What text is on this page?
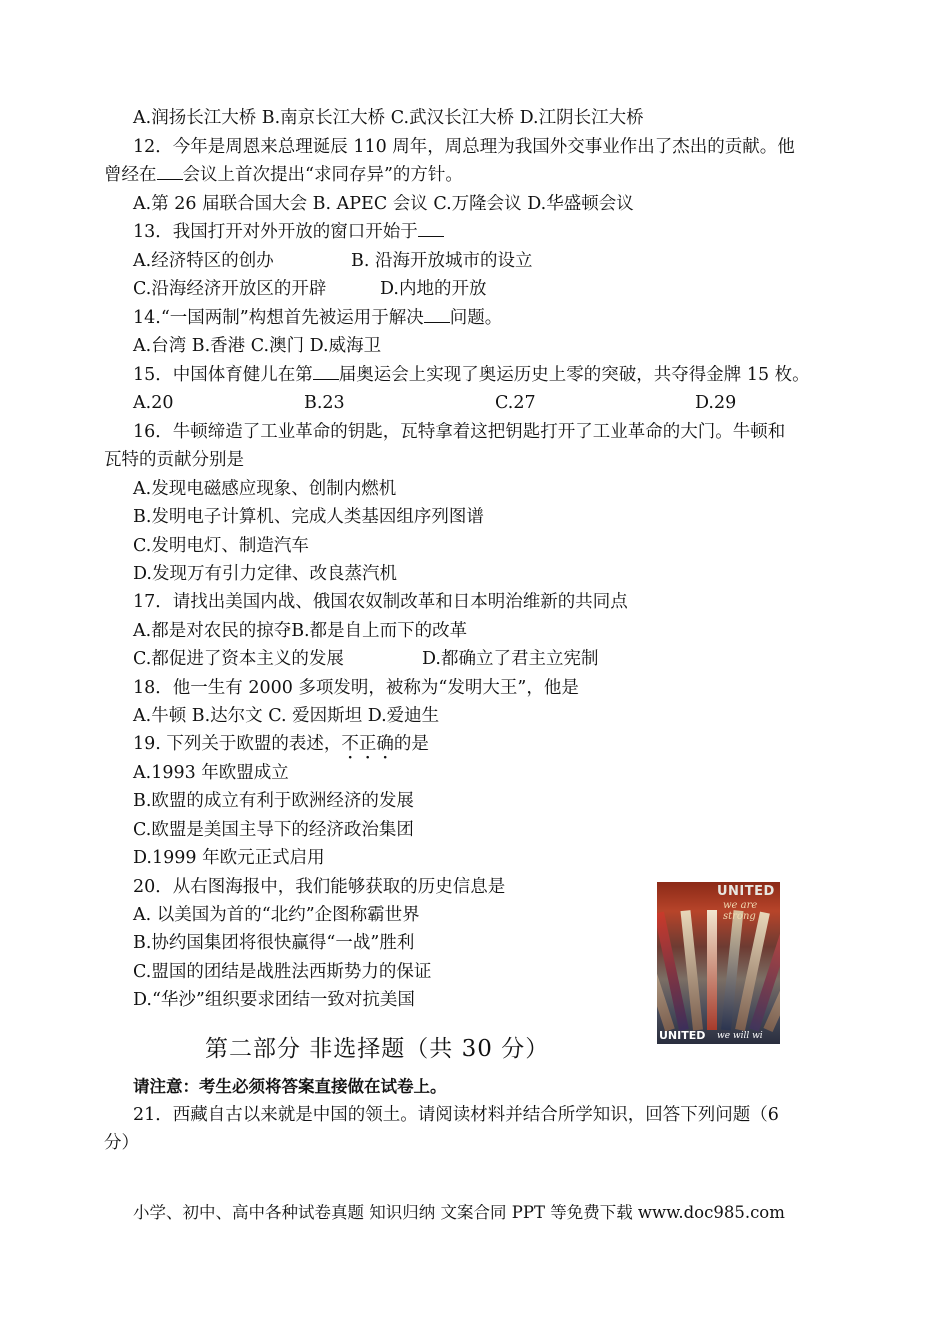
A.润扬长江大桥 B.南京长江大桥 C.武汉长江大桥 D.江阴长江大桥
12．今年是周恩来总理诞辰 110 周年，周总理为我国外交事业作出了杰出的贡献。他
曾经在 会议上首次提出“求同存异”的方针。
A.第 26 届联合国大会 B. APEC 会议 C.万隆会议 D.华盛顿会议
13．我国打开对外开放的窗口开始于
A.经济特区的创办	B. 沿海开放城市的设立
C.沿海经济开放区的开辟	D.内地的开放
14.“一国两制”构想首先被运用于解决 问题。
A.台湾 B.香港 C.澳门 D.威海卫
15．中国体育健儿在第 届奥运会上实现了奥运历史上零的突破，共夺得金牌 15 枚。
A.20	B.23	C.27	D.29
16．牛顿缔造了工业革命的钥匙，瓦特拿着这把钥匙打开了工业革命的大门。牛顿和
瓦特的贡献分别是
A.发现电磁感应现象、创制内燃机
B.发明电子计算机、完成人类基因组序列图谱
C.发明电灯、制造汽车
D.发现万有引力定律、改良蒸汽机
17．请找出美国内战、俄国农奴制改革和日本明治维新的共同点
A.都是对农民的掠夺B.都是自上而下的改革
C.都促进了资本主义的发展	D.都确立了君主立宪制
18．他一生有 2000 多项发明，被称为“发明大王”，他是
A.牛顿 B.达尔文 C. 爱因斯坦 D.爱迪生
19. 下列关于欧盟的表述，不正确的是
A.1993 年欧盟成立
B.欧盟的成立有利于欧洲经济的发展
C.欧盟是美国主导下的经济政治集团
D.1999 年欧元正式启用
20．从右图海报中，我们能够获取的历史信息是
A. 以美国为首的“北约”企图称霸世界
B.协约国集团将很快赢得“一战”胜利
C.盟国的团结是战胜法西斯势力的保证
D.“华沙”组织要求团结一致对抗美国
UNITED
we are strong
UNITED we will wi
第二部分 非选择题（共 30 分）
请注意：考生必须将答案直接做在试卷上。
21．西藏自古以来就是中国的领土。请阅读材料并结合所学知识，回答下列问题（6
分）
小学、初中、高中各种试卷真题 知识归纳 文案合同 PPT 等免费下载 www.doc985.com
